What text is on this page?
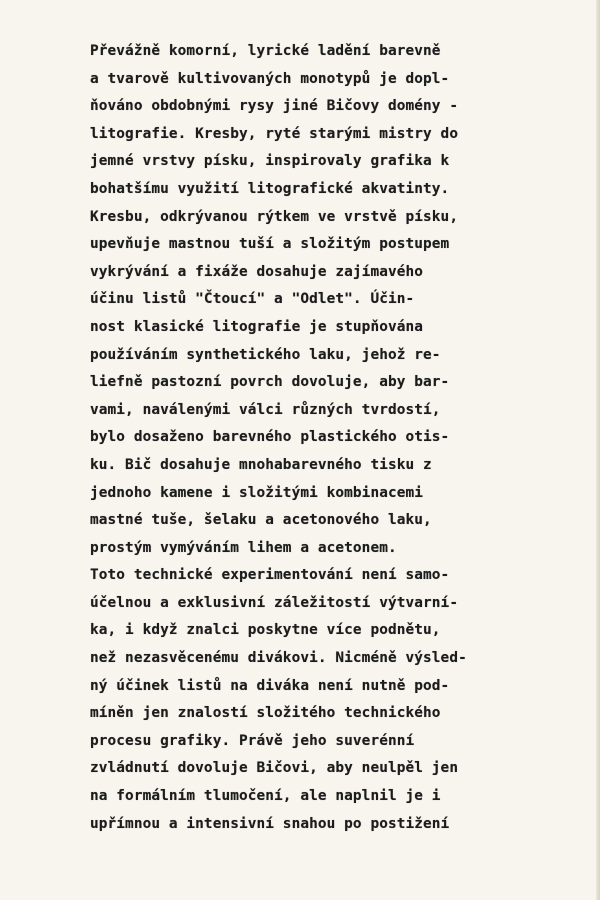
Převážně komorní, lyrické ladění barevně
a tvarově kultivovaných monotypů je dopl-
ňováno obdobnými rysy jiné Bičovy domény -
litografie. Kresby, ryté starými mistry do
jemné vrstvy písku, inspirovaly grafika k
bohatšímu využití litografické akvatinty.
Kresbu, odkrývanou rýtkem ve vrstvě písku,
upevňuje mastnou tuší a složitým postupem
vykrývání a fixáže dosahuje zajímavého
účinu listů "Čtoucí" a "Odlet". Účin-
nost klasické litografie je stupňována
používáním synthetického laku, jehož re-
liefně pastozní povrch dovoluje, aby bar-
vami, naválenými válci různých tvrdostí,
bylo dosaženo barevného plastického otis-
ku. Bič dosahuje mnohabarevného tisku z
jednoho kamene i složitými kombinacemi
mastné tuše, šelaku a acetonového laku,
prostým vymýváním lihem a acetonem.
Toto technické experimentování není samo-
účelnou a exklusivní záležitostí výtvarní-
ka, i když znalci poskytne více podnětu,
než nezasvěcenému divákovi. Nicméně výsled-
ný účinek listů na diváka není nutně pod-
míněn jen znalostí složitého technického
procesu grafiky. Právě jeho suverénní
zvládnutí dovoluje Bičovi, aby neulpěl jen
na formálním tlumočení, ale naplnil je i
upřímnou a intensivní snahou po postižení
